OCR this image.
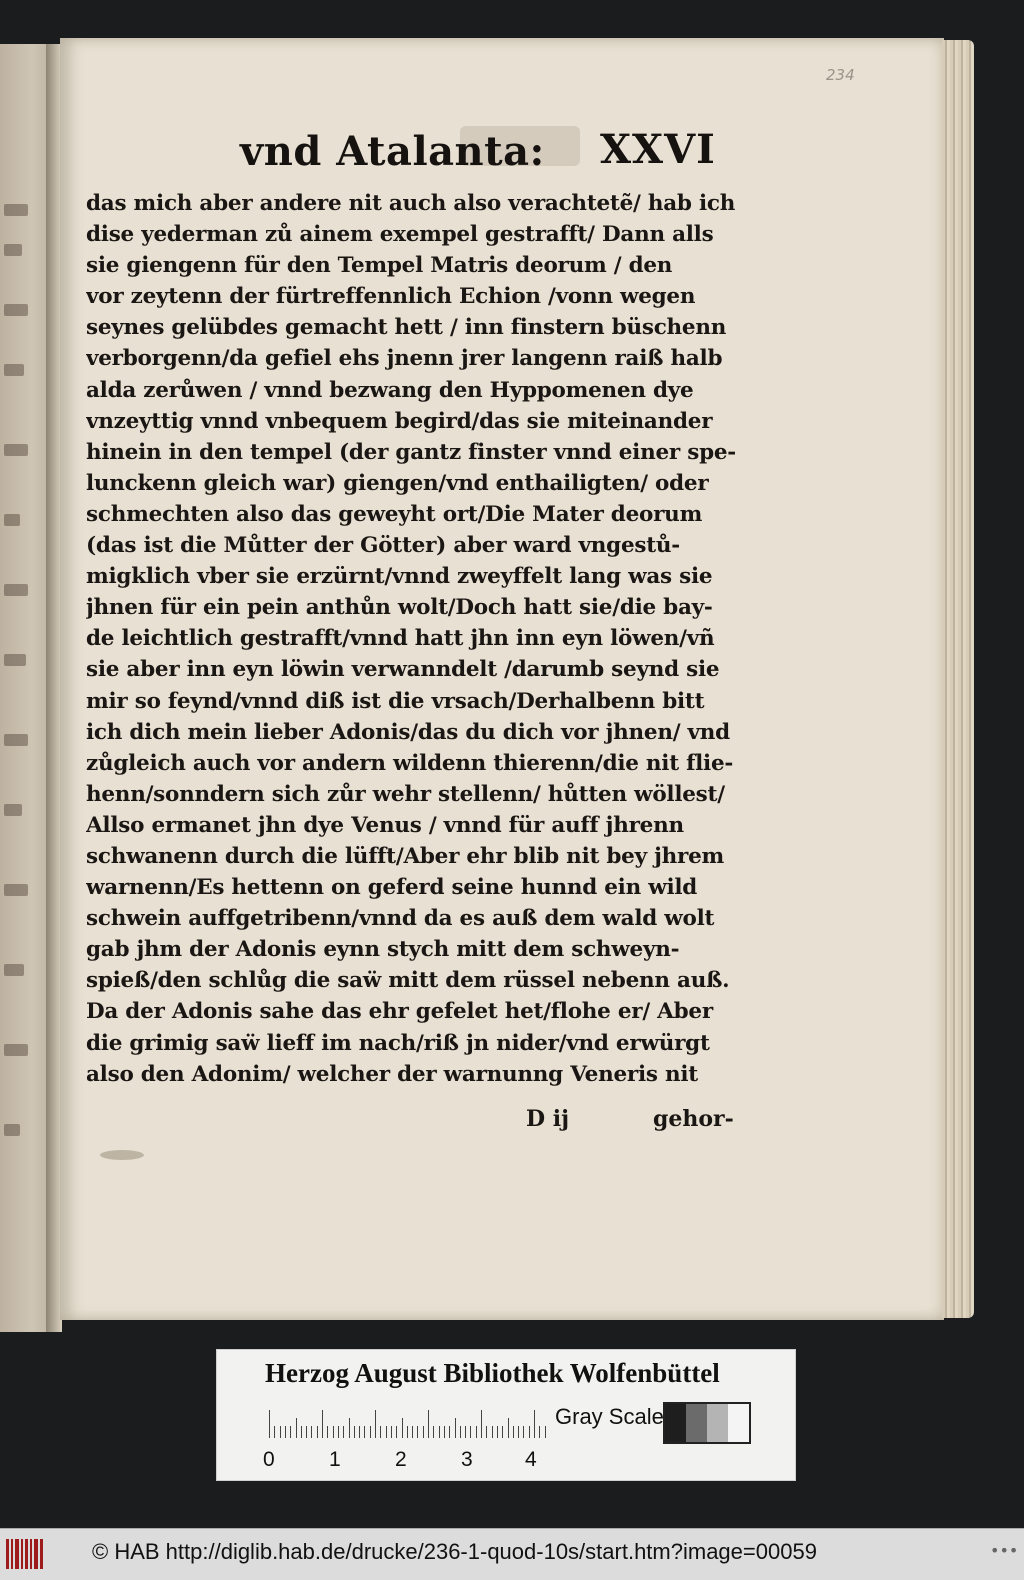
234
vnd Atalanta: XXVI
das mich aber andere nit auch also verachtetẽ/ hab ich
dise yederman zů ainem exempel gestrafft/ Dann alls
sie giengenn für den Tempel Matris deorum / den
vor zeytenn der fürtreffennlich Echion /vonn wegen
seynes gelübdes gemacht hett / inn finstern büschenn
verborgenn/da gefiel ehs jnenn jrer langenn raiß halb
alda zerůwen / vnnd bezwang den Hyppomenen dye
vnzeyttig vnnd vnbequem begird/das sie miteinander
hinein in den tempel (der gantz finster vnnd einer spe-
lunckenn gleich war) giengen/vnd enthailigten/ oder
schmechten also das geweyht ort/Die Mater deorum
(das ist die Můtter der Götter) aber ward vngestů-
migklich vber sie erzürnt/vnnd zweyffelt lang was sie
jhnen für ein pein anthůn wolt/Doch hatt sie/die bay-
de leichtlich gestrafft/vnnd hatt jhn inn eyn löwen/vñ
sie aber inn eyn löwin verwanndelt /darumb seynd sie
mir so feynd/vnnd diß ist die vrsach/Derhalbenn bitt
ich dich mein lieber Adonis/das du dich vor jhnen/ vnd
zůgleich auch vor andern wildenn thierenn/die nit flie-
henn/sonndern sich zůr wehr stellenn/ hůtten wöllest/
Allso ermanet jhn dye Venus / vnnd für auff jhrenn
schwanenn durch die lüfft/Aber ehr blib nit bey jhrem
warnenn/Es hettenn on geferd seine hunnd ein wild
schwein auffgetribenn/vnnd da es auß dem wald wolt
gab jhm der Adonis eynn stych mitt dem schweyn-
spieß/den schlůg die saẅ mitt dem rüssel nebenn auß.
Da der Adonis sahe das ehr gefelet het/flohe er/ Aber
die grimig saẅ lieff im nach/riß jn nider/vnd erwürgt
also den Adonim/ welcher der warnunng Veneris nit
D ij	gehor-
Herzog August Bibliothek Wolfenbüttel
0	1	2	3 4
Gray Scale
© HAB http://diglib.hab.de/drucke/236-1-quod-10s/start.htm?image=00059	•••
